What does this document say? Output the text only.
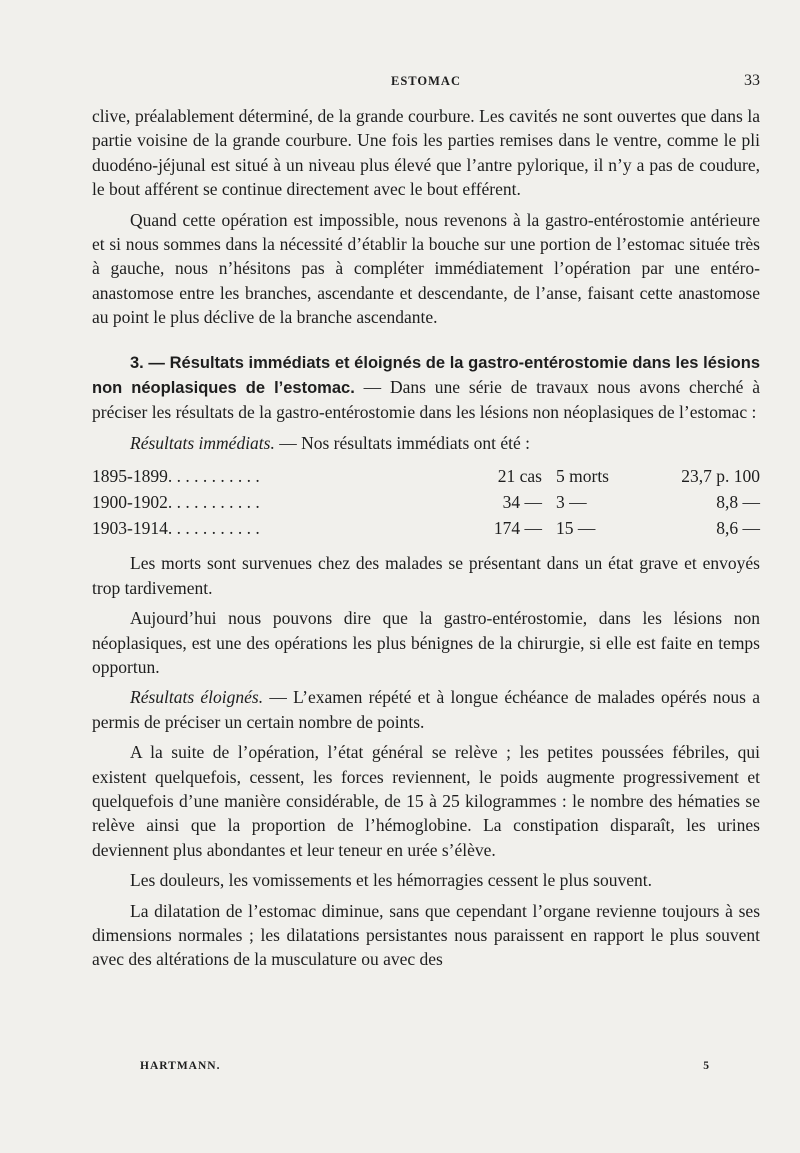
ESTOMAC	33

clive, préalablement déterminé, de la grande courbure. Les cavités ne sont ouvertes que dans la partie voisine de la grande courbure. Une fois les parties remises dans le ventre, comme le pli duodéno-jéjunal est situé à un niveau plus élevé que l’antre pylorique, il n’y a pas de coudure, le bout afférent se continue directement avec le bout efférent.

Quand cette opération est impossible, nous revenons à la gastro-entérostomie antérieure et si nous sommes dans la nécessité d’établir la bouche sur une portion de l’estomac située très à gauche, nous n’hésitons pas à compléter immédiatement l’opération par une entéro-anastomose entre les branches, ascendante et descendante, de l’anse, faisant cette anastomose au point le plus déclive de la branche ascendante.

3. — Résultats immédiats et éloignés de la gastro-entérostomie dans les lésions non néoplasiques de l’estomac. — Dans une série de travaux nous avons cherché à préciser les résultats de la gastro-entérostomie dans les lésions non néoplasiques de l’estomac :

Résultats immédiats. — Nos résultats immédiats ont été :

1895-1899. . . . . . . . . . .	21 cas	5 morts	23,7 p. 100
1900-1902. . . . . . . . . . .	34 —	3 —	8,8 —
1903-1914. . . . . . . . . . .	174 —	15 —	8,6 —

Les morts sont survenues chez des malades se présentant dans un état grave et envoyés trop tardivement.

Aujourd’hui nous pouvons dire que la gastro-entérostomie, dans les lésions non néoplasiques, est une des opérations les plus bénignes de la chirurgie, si elle est faite en temps opportun.

Résultats éloignés. — L’examen répété et à longue échéance de malades opérés nous a permis de préciser un certain nombre de points.

A la suite de l’opération, l’état général se relève ; les petites poussées fébriles, qui existent quelquefois, cessent, les forces reviennent, le poids augmente progressivement et quelquefois d’une manière considérable, de 15 à 25 kilogrammes : le nombre des hématies se relève ainsi que la proportion de l’hémoglobine. La constipation disparaît, les urines deviennent plus abondantes et leur teneur en urée s’élève.

Les douleurs, les vomissements et les hémorragies cessent le plus souvent.

La dilatation de l’estomac diminue, sans que cependant l’organe revienne toujours à ses dimensions normales ; les dilatations persistantes nous paraissent en rapport le plus souvent avec des altérations de la musculature ou avec des

HARTMANN.	5
